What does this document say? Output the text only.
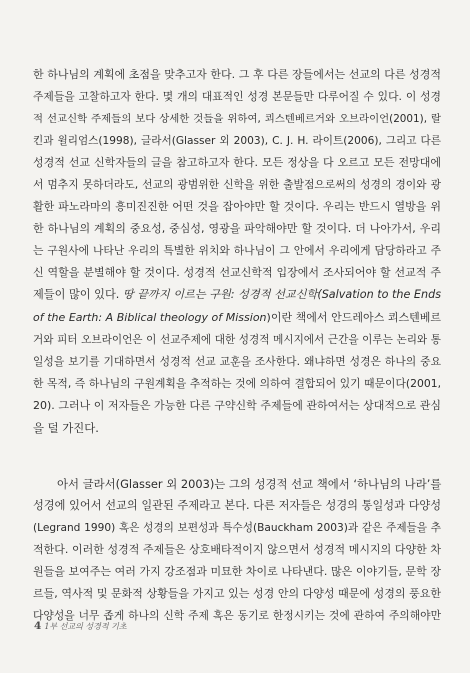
한 하나님의 계획에 초점을 맞추고자 한다. 그 후 다른 장들에서는 선교의 다른 성경적
주제들을 고찰하고자 한다. 몇 개의 대표적인 성경 본문들만 다루어질 수 있다. 이 성경
적 선교신학 주제들의 보다 상세한 것들을 위하여, 쾨스텐베르거와 오브라이언(2001), 랄
킨과 윌리엄스(1998), 글라서(Glasser 외 2003), C. J. H. 라이트(2006), 그리고 다른
성경적 선교 신학자들의 글을 참고하고자 한다. 모든 정상을 다 오르고 모든 전망대에
서 멈추지 못하더라도, 선교의 광범위한 신학을 위한 출발점으로써의 성경의 경이와 광
활한 파노라마의 흥미진진한 어떤 것을 잡아야만 할 것이다. 우리는 반드시 열방을 위
한 하나님의 계획의 중요성, 중심성, 영광을 파악해야만 할 것이다. 더 나아가서, 우리
는 구원사에 나타난 우리의 특별한 위치와 하나님이 그 안에서 우리에게 담당하라고 주
신 역할을 분별해야 할 것이다. 성경적 선교신학적 입장에서 조사되어야 할 선교적 주
제들이 많이 있다. 땅 끝까지 이르는 구원: 성경적 선교신학(Salvation to the Ends
of the Earth: A Biblical theology of Mission)이란 책에서 안드레아스 쾨스텐베르
거와 피터 오브라이언은 이 선교주제에 대한 성경적 메시지에서 근간을 이루는 논리와 통
일성을 보기를 기대하면서 성경적 선교 교훈을 조사한다. 왜냐하면 성경은 하나의 중요
한 목적, 즉 하나님의 구원계획을 추적하는 것에 의하여 결합되어 있기 때문이다(2001,
20). 그러나 이 저자들은 가능한 다른 구약신학 주제들에 관하여서는 상대적으로 관심
을 덜 가진다.
아서 글라서(Glasser 외 2003)는 그의 성경적 선교 책에서 ‘하나님의 나라’를
성경에 있어서 선교의 일관된 주제라고 본다. 다른 저자들은 성경의 통일성과 다양성
(Legrand 1990) 혹은 성경의 보편성과 특수성(Bauckham 2003)과 같은 주제들을 추
적한다. 이러한 성경적 주제들은 상호배타적이지 않으면서 성경적 메시지의 다양한 차
원들을 보여주는 여러 가지 강조점과 미묘한 차이로 나타낸다. 많은 이야기들, 문학 장
르들, 역사적 및 문화적 상황들을 가지고 있는 성경 안의 다양성 때문에 성경의 풍요한
다양성을 너무 좁게 하나의 신학 주제 혹은 동기로 한정시키는 것에 관하여 주의해야만
4 1부 선교의 성경적 기초
